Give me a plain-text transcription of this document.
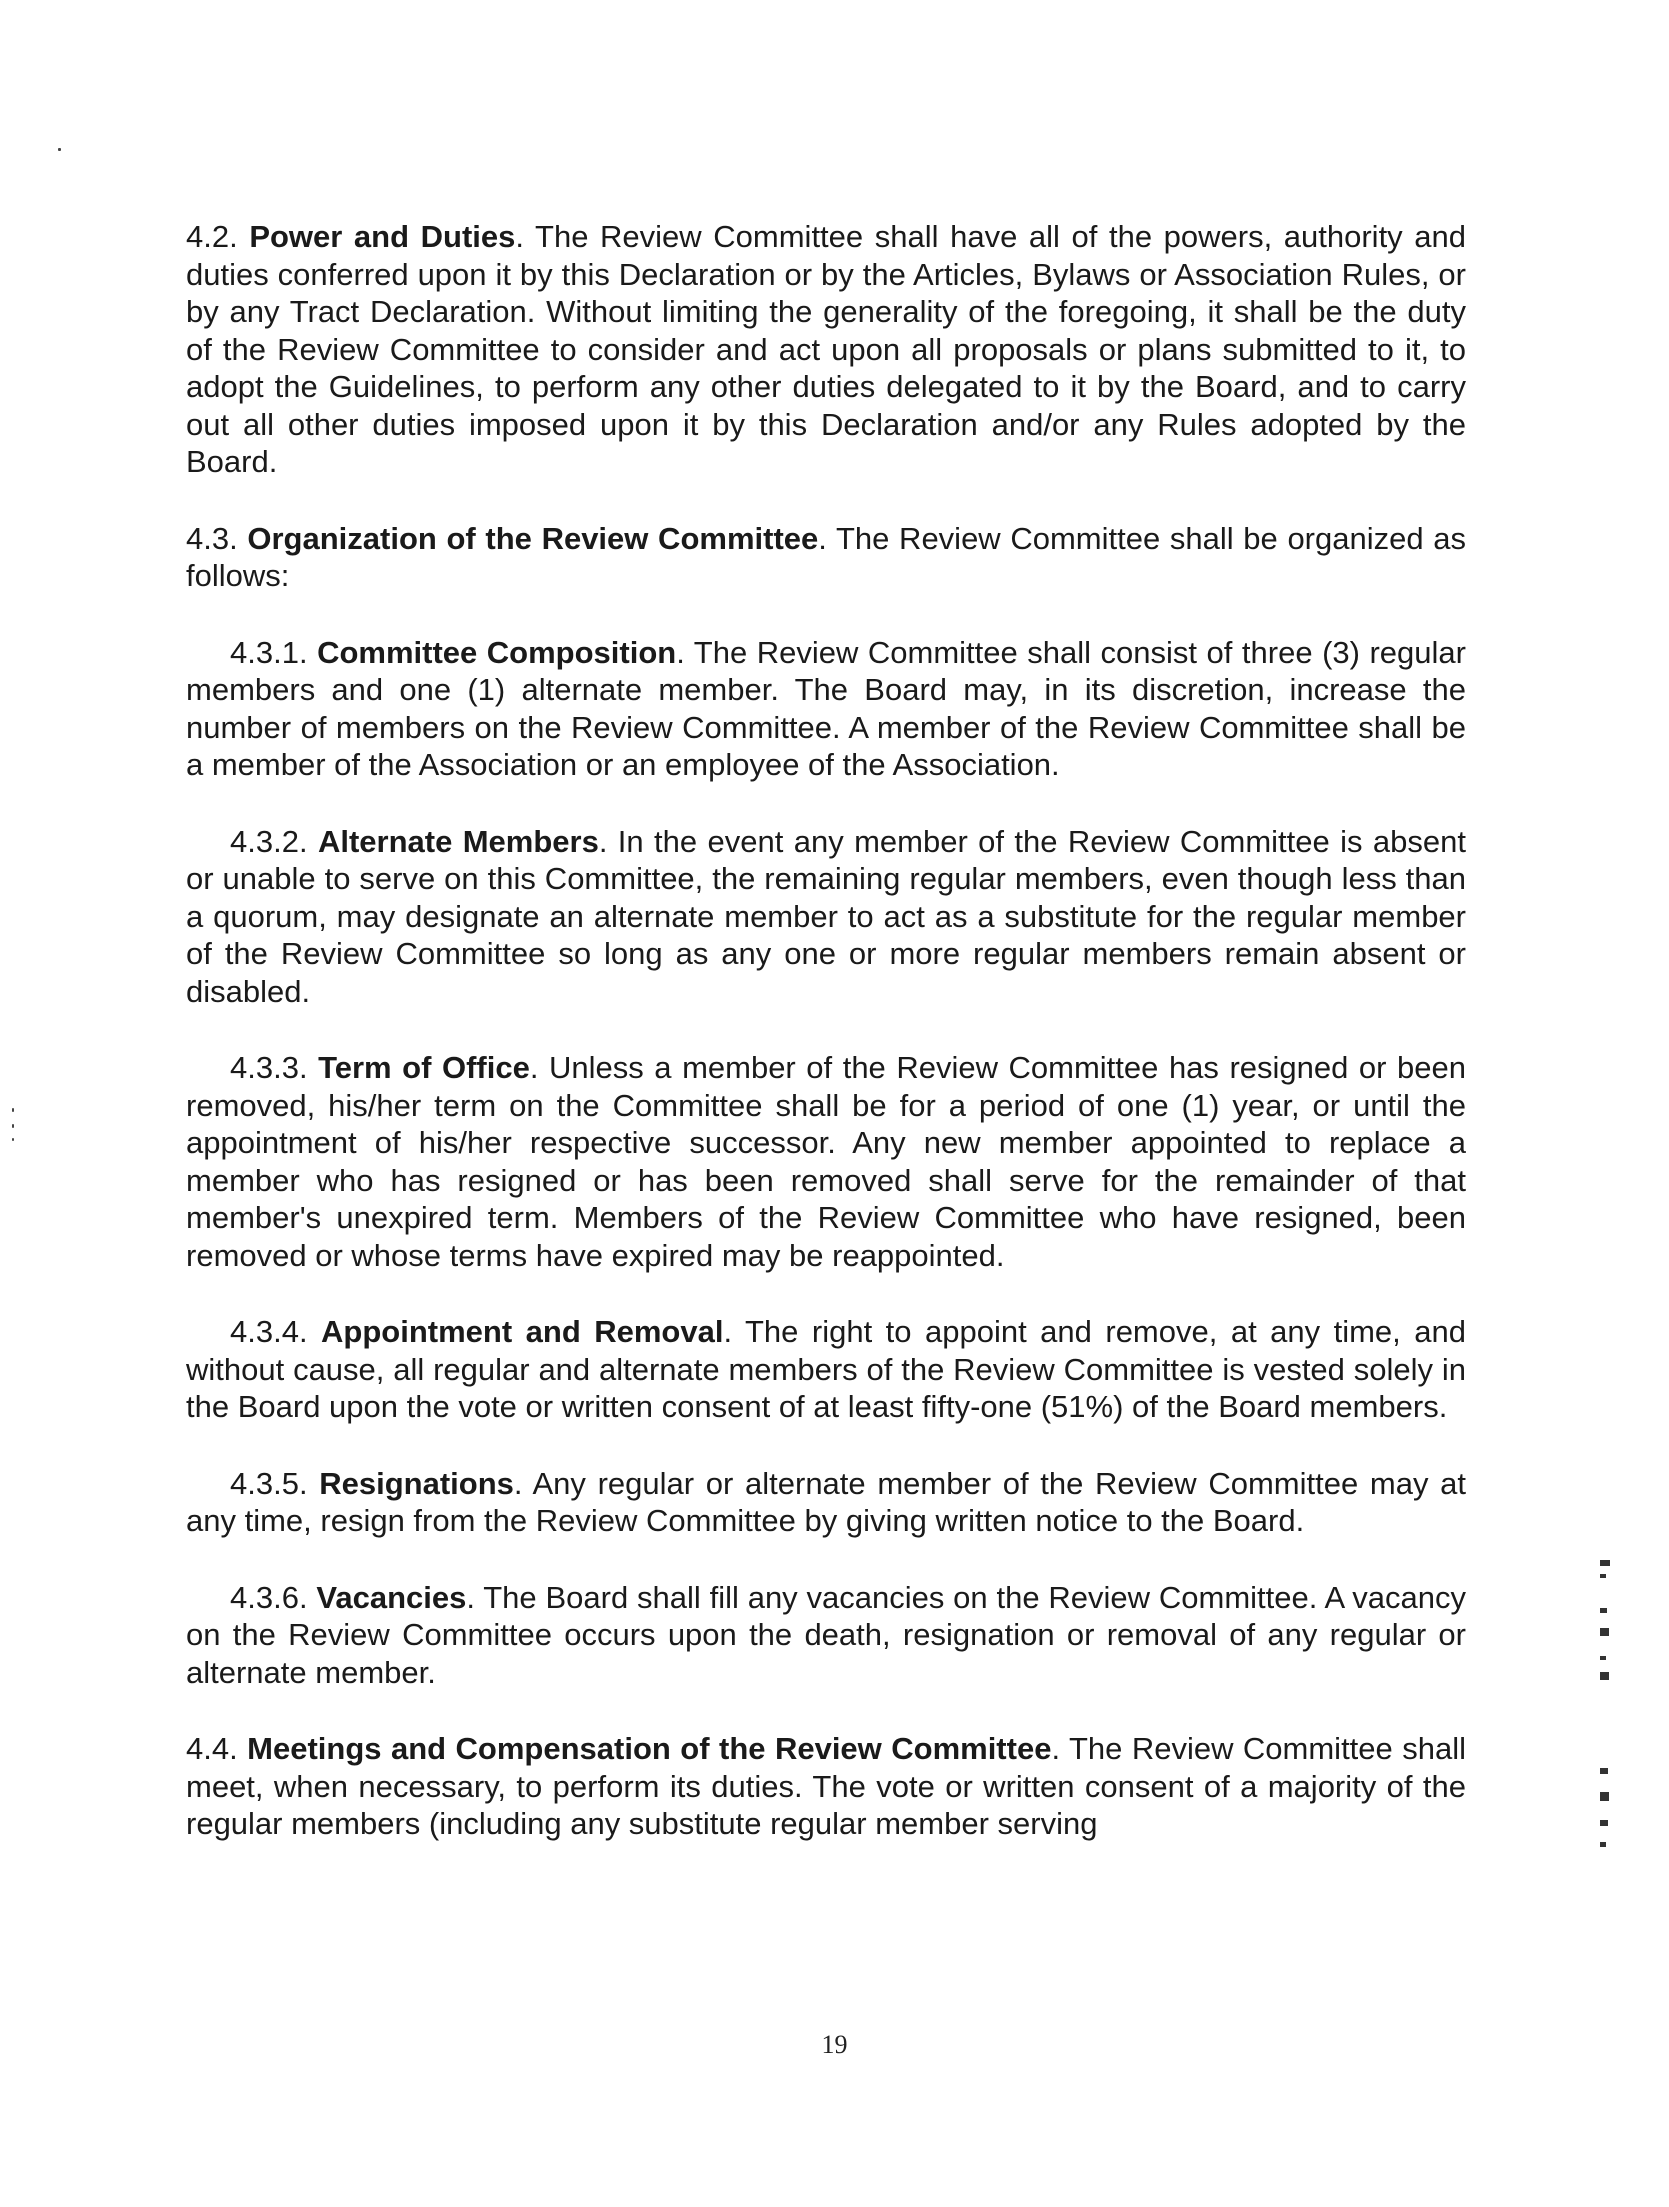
4.2. Power and Duties. The Review Committee shall have all of the powers, authority and duties conferred upon it by this Declaration or by the Articles, Bylaws or Association Rules, or by any Tract Declaration. Without limiting the generality of the foregoing, it shall be the duty of the Review Committee to consider and act upon all proposals or plans submitted to it, to adopt the Guidelines, to perform any other duties delegated to it by the Board, and to carry out all other duties imposed upon it by this Declaration and/or any Rules adopted by the Board.

4.3. Organization of the Review Committee. The Review Committee shall be organized as follows:

4.3.1. Committee Composition. The Review Committee shall consist of three (3) regular members and one (1) alternate member. The Board may, in its discretion, increase the number of members on the Review Committee. A member of the Review Committee shall be a member of the Association or an employee of the Association.

4.3.2. Alternate Members. In the event any member of the Review Committee is absent or unable to serve on this Committee, the remaining regular members, even though less than a quorum, may designate an alternate member to act as a substitute for the regular member of the Review Committee so long as any one or more regular members remain absent or disabled.

4.3.3. Term of Office. Unless a member of the Review Committee has resigned or been removed, his/her term on the Committee shall be for a period of one (1) year, or until the appointment of his/her respective successor. Any new member appointed to replace a member who has resigned or has been removed shall serve for the remainder of that member's unexpired term. Members of the Review Committee who have resigned, been removed or whose terms have expired may be reappointed.

4.3.4. Appointment and Removal. The right to appoint and remove, at any time, and without cause, all regular and alternate members of the Review Committee is vested solely in the Board upon the vote or written consent of at least fifty-one (51%) of the Board members.

4.3.5. Resignations. Any regular or alternate member of the Review Committee may at any time, resign from the Review Committee by giving written notice to the Board.

4.3.6. Vacancies. The Board shall fill any vacancies on the Review Committee. A vacancy on the Review Committee occurs upon the death, resignation or removal of any regular or alternate member.

4.4. Meetings and Compensation of the Review Committee. The Review Committee shall meet, when necessary, to perform its duties. The vote or written consent of a majority of the regular members (including any substitute regular member serving

19
